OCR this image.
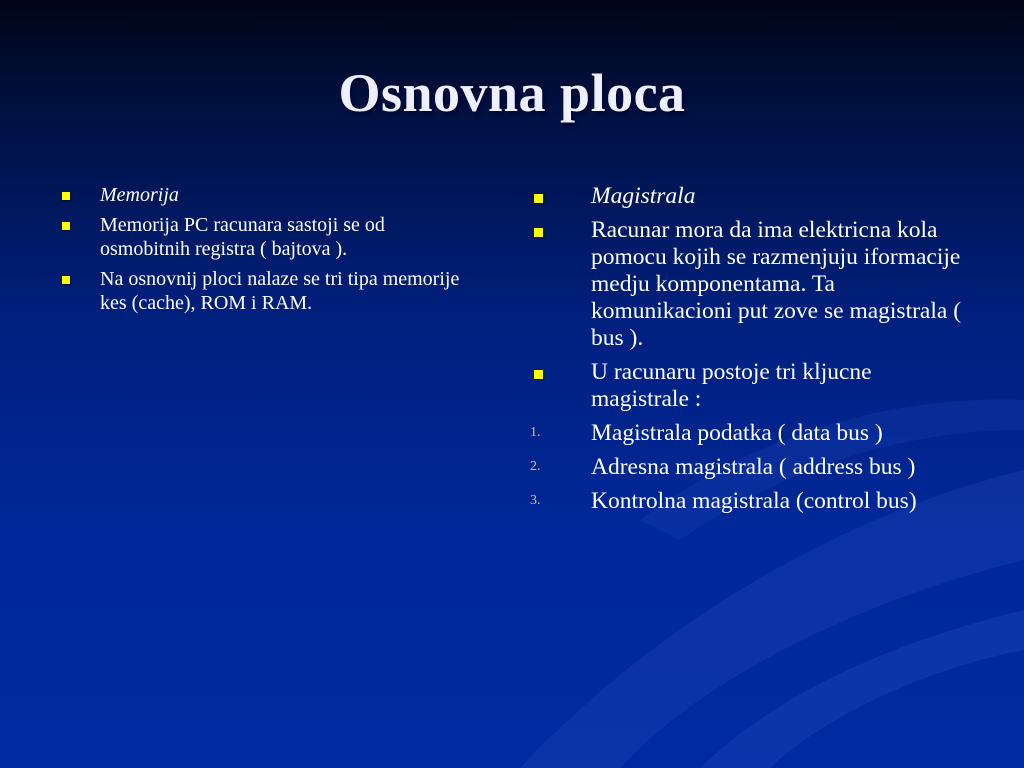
Osnovna ploca
Memorija
Memorija PC racunara sastoji se od osmobitnih registra ( bajtova ).
Na osnovnij ploci nalaze se tri tipa memorije kes (cache), ROM i RAM.
Magistrala
Racunar mora da ima elektricna kola pomocu kojih se razmenjuju iformacije medju komponentama. Ta komunikacioni put zove se magistrala ( bus ).
U racunaru postoje tri kljucne magistrale :
1. Magistrala podatka ( data bus )
2. Adresna magistrala ( address bus )
3. Kontrolna magistrala (control bus)
